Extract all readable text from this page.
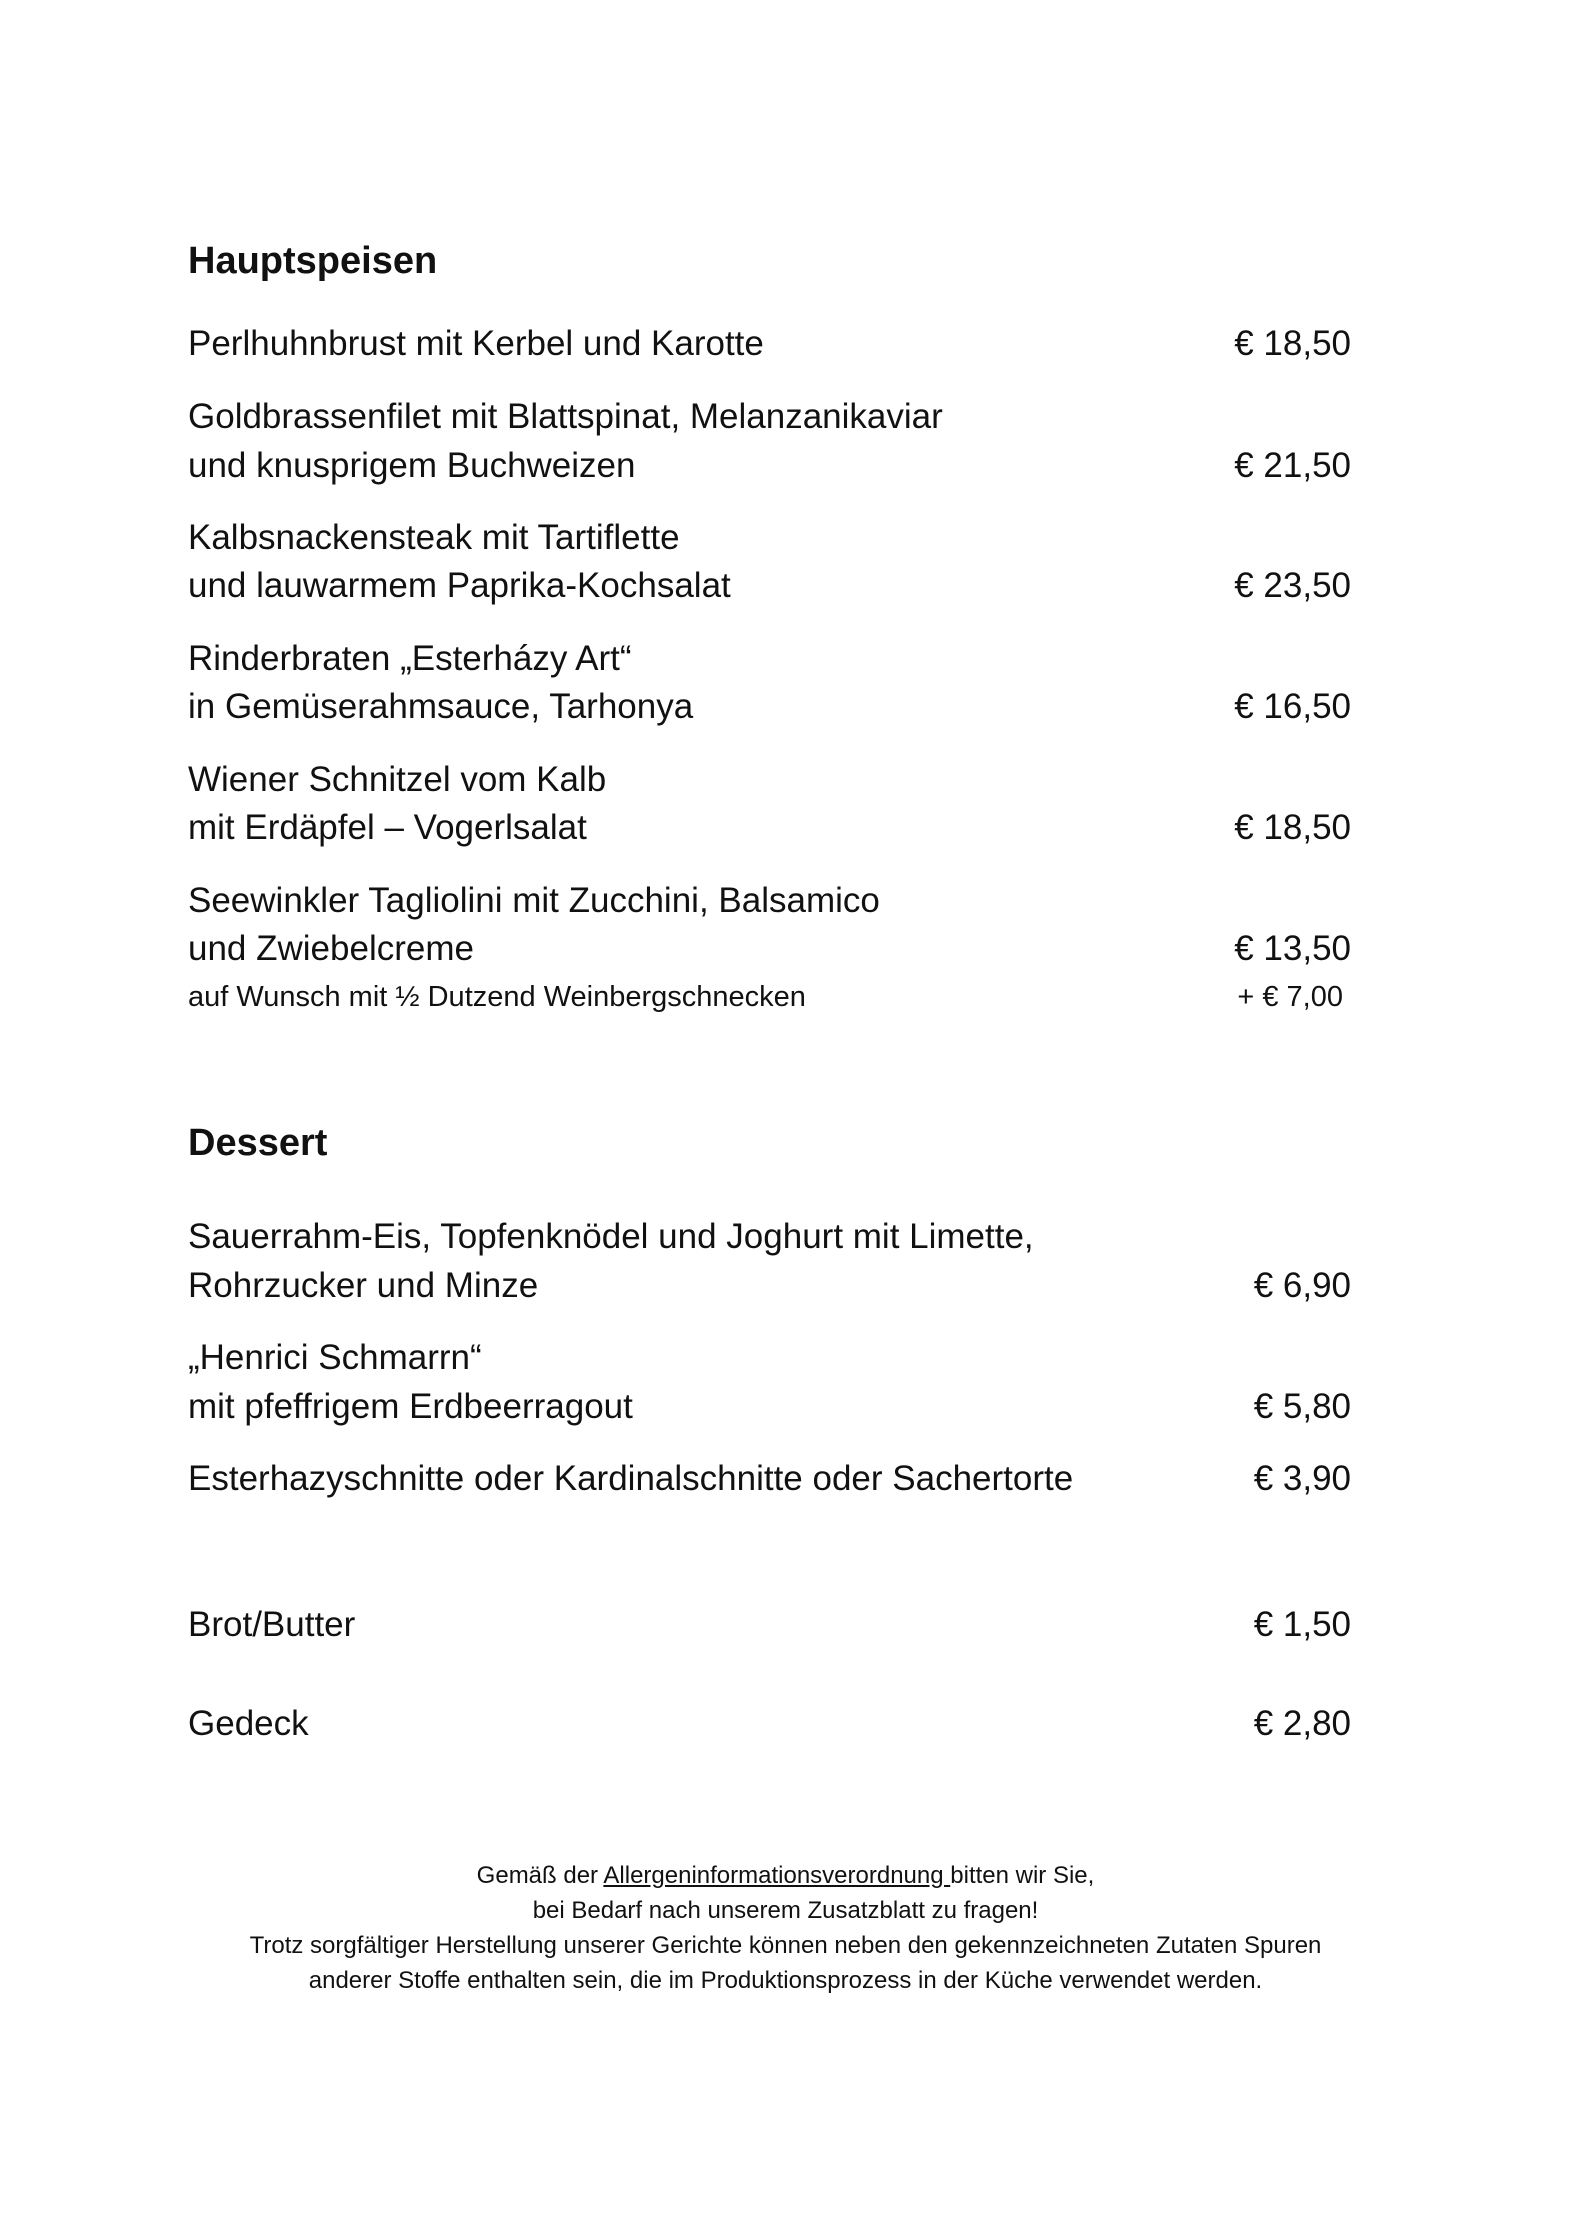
Hauptspeisen
Perlhuhnbrust mit Kerbel und Karotte	€ 18,50
Goldbrassenfilet mit Blattspinat, Melanzanikaviar
und knusprigem Buchweizen	€ 21,50
Kalbsnackensteak mit Tartiflette
und lauwarmem Paprika-Kochsalat	€ 23,50
Rinderbraten „Esterházy Art“
in Gemüserahmsauce, Tarhonya	€ 16,50
Wiener Schnitzel vom Kalb
mit Erdäpfel – Vogerlsalat	€ 18,50
Seewinkler Tagliolini mit Zucchini, Balsamico
und Zwiebelcreme	€ 13,50
auf Wunsch mit ½ Dutzend Weinbergschnecken	+ € 7,00
Dessert
Sauerrahm-Eis, Topfenknödel und Joghurt mit Limette,
Rohrzucker und Minze	€ 6,90
„Henrici Schmarrn“
mit pfeffrigem Erdbeerragout	€ 5,80
Esterhazyschnitte oder Kardinalschnitte oder Sachertorte	€ 3,90
Brot/Butter	€ 1,50
Gedeck	€ 2,80
Gemäß der Allergeninformationsverordnung bitten wir Sie,
bei Bedarf nach unserem Zusatzblatt zu fragen!
Trotz sorgfältiger Herstellung unserer Gerichte können neben den gekennzeichneten Zutaten Spuren
anderer Stoffe enthalten sein, die im Produktionsprozess in der Küche verwendet werden.
